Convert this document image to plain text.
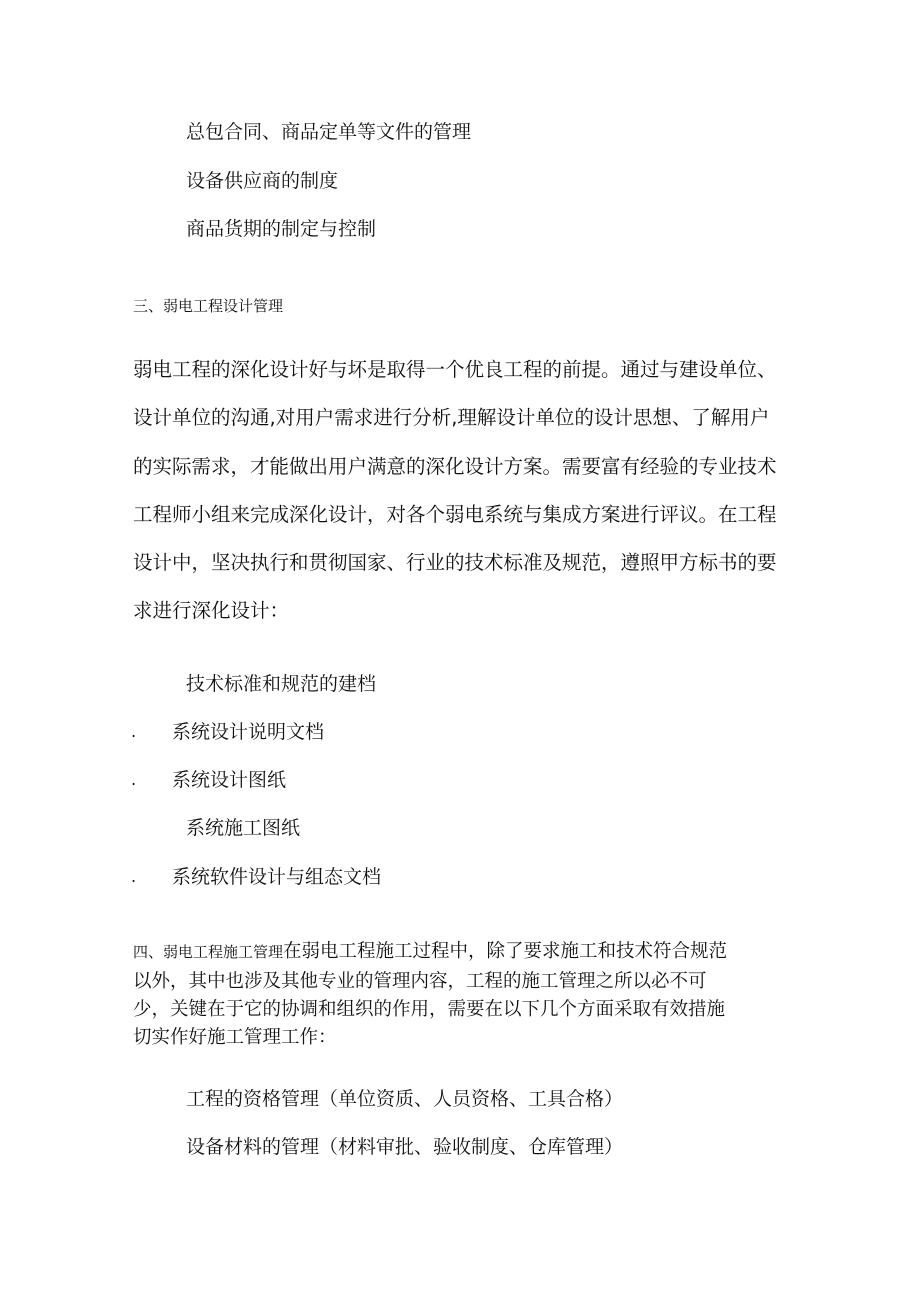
总包合同、商品定单等文件的管理
设备供应商的制度
商品货期的制定与控制
三、弱电工程设计管理
弱电工程的深化设计好与坏是取得一个优良工程的前提。通过与建设单位、
设计单位的沟通,对用户需求进行分析,理解设计单位的设计思想、了解用户
的实际需求，才能做出用户满意的深化设计方案。需要富有经验的专业技术
工程师小组来完成深化设计，对各个弱电系统与集成方案进行评议。在工程
设计中，坚决执行和贯彻国家、行业的技术标准及规范，遵照甲方标书的要
求进行深化设计：
技术标准和规范的建档
. 系统设计说明文档
. 系统设计图纸
系统施工图纸
. 系统软件设计与组态文档
四、弱电工程施工管理在弱电工程施工过程中，除了要求施工和技术符合规范
以外，其中也涉及其他专业的管理内容，工程的施工管理之所以必不可
少，关键在于它的协调和组织的作用，需要在以下几个方面采取有效措施
切实作好施工管理工作：
工程的资格管理（单位资质、人员资格、工具合格）
设备材料的管理（材料审批、验收制度、仓库管理）
